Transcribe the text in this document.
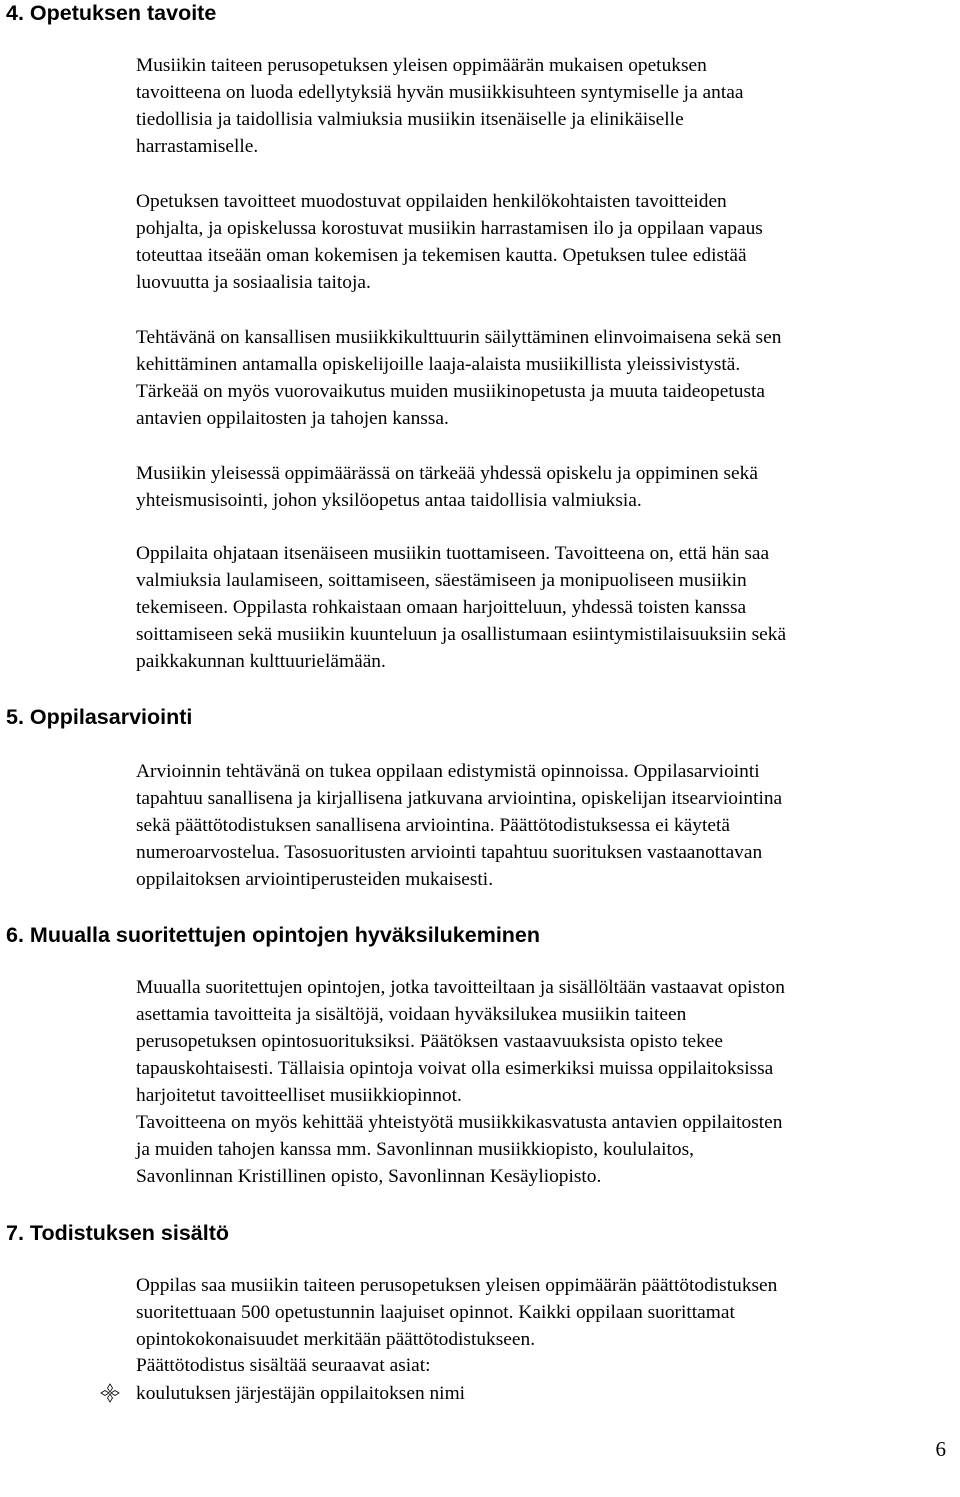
4. Opetuksen tavoite

Musiikin taiteen perusopetuksen yleisen oppimäärän mukaisen opetuksen
tavoitteena on luoda edellytyksiä hyvän musiikkisuhteen syntymiselle ja antaa
tiedollisia ja taidollisia valmiuksia musiikin itsenäiselle ja elinikäiselle
harrastamiselle.

Opetuksen tavoitteet muodostuvat oppilaiden henkilökohtaisten tavoitteiden
pohjalta, ja opiskelussa korostuvat musiikin harrastamisen ilo ja oppilaan vapaus
toteuttaa itseään oman kokemisen ja tekemisen kautta. Opetuksen tulee edistää
luovuutta ja sosiaalisia taitoja.

Tehtävänä on kansallisen musiikkikulttuurin säilyttäminen elinvoimaisena sekä sen
kehittäminen antamalla opiskelijoille laaja-alaista musiikillista yleissivistystä.
Tärkeää on myös vuorovaikutus muiden musiikinopetusta ja muuta taideopetusta
antavien oppilaitosten ja tahojen kanssa.

Musiikin yleisessä oppimäärässä on tärkeää yhdessä opiskelu ja oppiminen sekä
yhteismusisointi, johon yksilöopetus antaa taidollisia valmiuksia.

Oppilaita ohjataan itsenäiseen musiikin tuottamiseen. Tavoitteena on, että hän saa
valmiuksia laulamiseen, soittamiseen, säestämiseen ja monipuoliseen musiikin
tekemiseen. Oppilasta rohkaistaan omaan harjoitteluun, yhdessä toisten kanssa
soittamiseen sekä musiikin kuunteluun ja osallistumaan esiintymistilaisuuksiin sekä
paikkakunnan kulttuurielämään.

5. Oppilasarviointi

Arvioinnin tehtävänä on tukea oppilaan edistymistä opinnoissa. Oppilasarviointi
tapahtuu sanallisena ja kirjallisena jatkuvana arviointina, opiskelijan itsearviointina
sekä päättötodistuksen sanallisena arviointina. Päättötodistuksessa ei käytetä
numeroarvostelua. Tasosuoritusten arviointi tapahtuu suorituksen vastaanottavan
oppilaitoksen arviointiperusteiden mukaisesti.

6. Muualla suoritettujen opintojen hyväksilukeminen

Muualla suoritettujen opintojen, jotka tavoitteiltaan ja sisällöltään vastaavat opiston
asettamia tavoitteita ja sisältöjä, voidaan hyväksilukea musiikin taiteen
perusopetuksen opintosuorituksiksi. Päätöksen vastaavuuksista opisto tekee
tapauskohtaisesti. Tällaisia opintoja voivat olla esimerkiksi muissa oppilaitoksissa
harjoitetut tavoitteelliset musiikkiopinnot.
Tavoitteena on myös kehittää yhteistyötä musiikkikasvatusta antavien oppilaitosten
ja muiden tahojen kanssa mm. Savonlinnan musiikkiopisto, koululaitos,
Savonlinnan Kristillinen opisto, Savonlinnan Kesäyliopisto.

7. Todistuksen sisältö

Oppilas saa musiikin taiteen perusopetuksen yleisen oppimäärän päättötodistuksen
suoritettuaan 500 opetustunnin laajuiset opinnot. Kaikki oppilaan suorittamat
opintokokonaisuudet merkitään päättötodistukseen.

Päättötodistus sisältää seuraavat asiat:

koulutuksen järjestäjän oppilaitoksen nimi
6
